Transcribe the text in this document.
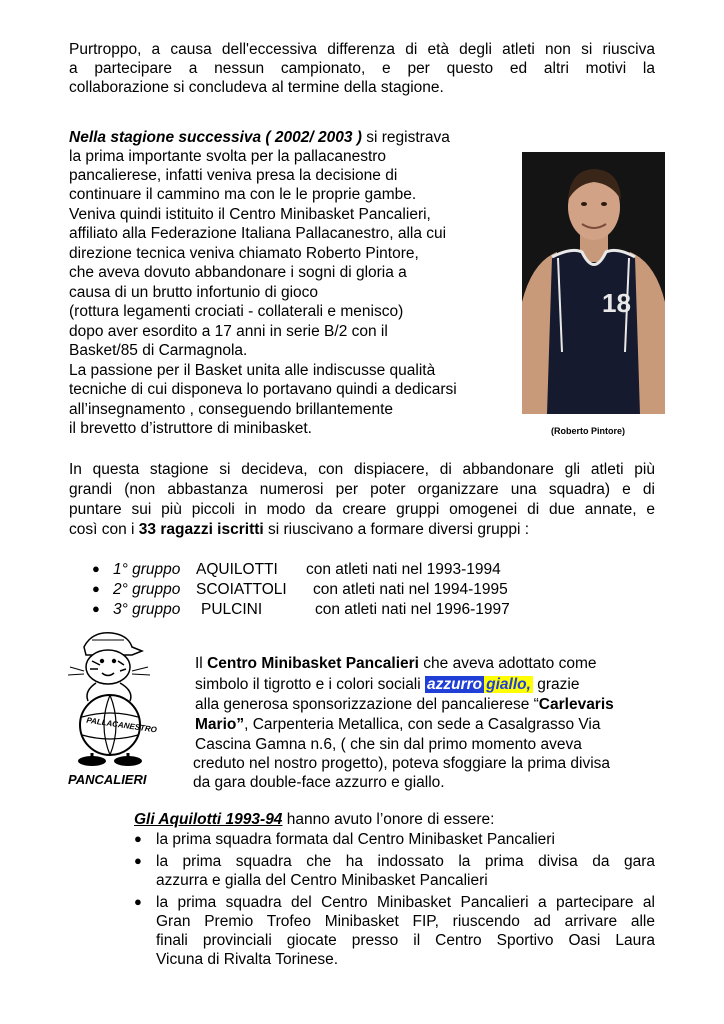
Purtroppo, a causa dell'eccessiva differenza di età degli atleti non si riusciva
a partecipare a nessun campionato, e per questo ed altri motivi la
collaborazione si concludeva al termine della stagione.
Nella stagione successiva ( 2002/ 2003 ) si registrava
la prima importante svolta per la pallacanestro
pancalierese, infatti veniva presa la decisione di
continuare il cammino ma con le le proprie gambe.
Veniva quindi istituito il Centro Minibasket Pancalieri,
affiliato alla Federazione Italiana Pallacanestro, alla cui
direzione tecnica veniva chiamato Roberto Pintore,
che aveva dovuto abbandonare i sogni di gloria a
causa di un brutto infortunio di gioco
(rottura legamenti crociati - collaterali e menisco)
dopo aver esordito a 17 anni in serie B/2 con il
Basket/85 di Carmagnola.
La passione per il Basket unita alle indiscusse qualità
tecniche di cui disponeva lo portavano quindi a dedicarsi
all’insegnamento , conseguendo brillantemente
il brevetto d’istruttore di minibasket.
18
(Roberto Pintore)
In questa stagione si decideva, con dispiacere, di abbandonare gli atleti più
grandi (non abbastanza numerosi per poter organizzare una squadra) e di
puntare sui più piccoli in modo da creare gruppi omogenei di due annate, e
così con i 33 ragazzi iscritti si riuscivano a formare diversi gruppi :
● 1° gruppo AQUILOTTI con atleti nati nel 1993-1994
● 2° gruppo SCOIATTOLI con atleti nati nel 1994-1995
● 3° gruppo PULCINI	con atleti nati nel 1996-1997
PALLACANESTRO
PANCALIERI
Il Centro Minibasket Pancalieri che aveva adottato come
simbolo il tigrotto e i colori sociali azzurro giallo, grazie
alla generosa sponsorizzazione del pancalierese “Carlevaris
Mario”, Carpenteria Metallica, con sede a Casalgrasso Via
Cascina Gamna n.6, ( che sin dal primo momento aveva
creduto nel nostro progetto), poteva sfoggiare la prima divisa
da gara double-face azzurro e giallo.
Gli Aquilotti 1993-94 hanno avuto l’onore di essere:
● la prima squadra formata dal Centro Minibasket Pancalieri
● la prima squadra che ha indossato la prima divisa da gara
azzurra e gialla del Centro Minibasket Pancalieri
● la prima squadra del Centro Minibasket Pancalieri a partecipare al
Gran Premio Trofeo Minibasket FIP, riuscendo ad arrivare alle
finali provinciali giocate presso il Centro Sportivo Oasi Laura
Vicuna di Rivalta Torinese.
